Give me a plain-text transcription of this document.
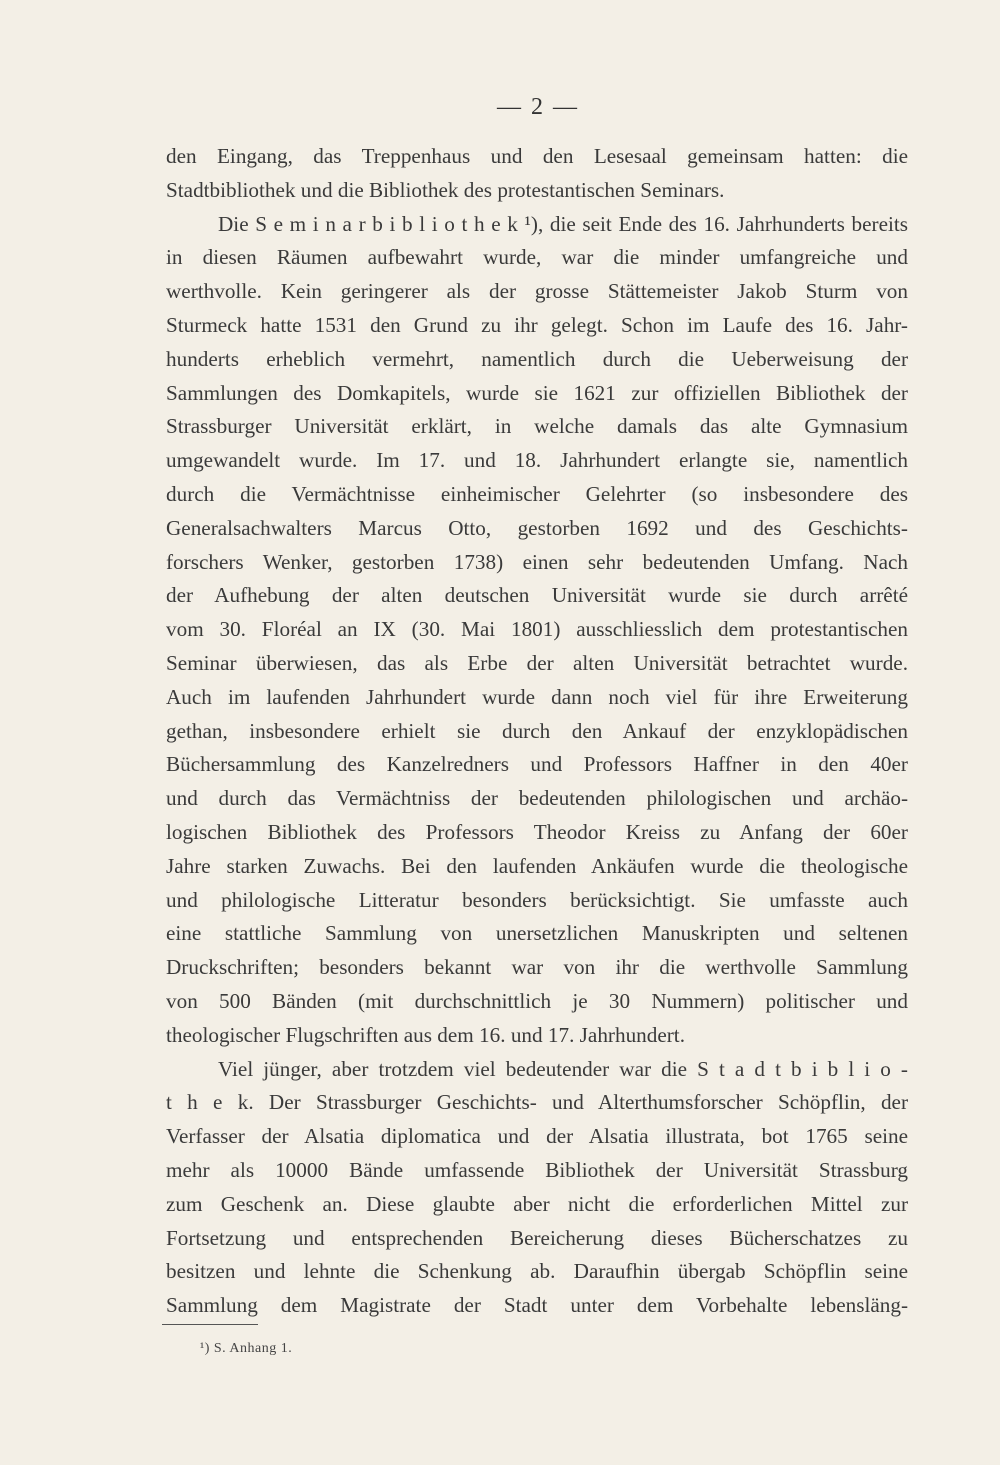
— 2 —
den Eingang, das Treppenhaus und den Lesesaal gemeinsam hatten: die
Stadtbibliothek und die Bibliothek des protestantischen Seminars.
Die S e m i n a r b i b l i o t h e k ¹), die seit Ende des 16. Jahrhunderts bereits
in diesen Räumen aufbewahrt wurde, war die minder umfangreiche und
werthvolle. Kein geringerer als der grosse Stättemeister Jakob Sturm von
Sturmeck hatte 1531 den Grund zu ihr gelegt. Schon im Laufe des 16. Jahr-
hunderts erheblich vermehrt, namentlich durch die Ueberweisung der
Sammlungen des Domkapitels, wurde sie 1621 zur offiziellen Bibliothek der
Strassburger Universität erklärt, in welche damals das alte Gymnasium
umgewandelt wurde. Im 17. und 18. Jahrhundert erlangte sie, namentlich
durch die Vermächtnisse einheimischer Gelehrter (so insbesondere des
Generalsachwalters Marcus Otto, gestorben 1692 und des Geschichts-
forschers Wenker, gestorben 1738) einen sehr bedeutenden Umfang. Nach
der Aufhebung der alten deutschen Universität wurde sie durch arrêté
vom 30. Floréal an IX (30. Mai 1801) ausschliesslich dem protestantischen
Seminar überwiesen, das als Erbe der alten Universität betrachtet wurde.
Auch im laufenden Jahrhundert wurde dann noch viel für ihre Erweiterung
gethan, insbesondere erhielt sie durch den Ankauf der enzyklopädischen
Büchersammlung des Kanzelredners und Professors Haffner in den 40er
und durch das Vermächtniss der bedeutenden philologischen und archäo-
logischen Bibliothek des Professors Theodor Kreiss zu Anfang der 60er
Jahre starken Zuwachs. Bei den laufenden Ankäufen wurde die theologische
und philologische Litteratur besonders berücksichtigt. Sie umfasste auch
eine stattliche Sammlung von unersetzlichen Manuskripten und seltenen
Druckschriften; besonders bekannt war von ihr die werthvolle Sammlung
von 500 Bänden (mit durchschnittlich je 30 Nummern) politischer und
theologischer Flugschriften aus dem 16. und 17. Jahrhundert.
Viel jünger, aber trotzdem viel bedeutender war die S t a d t b i b l i o -
t h e k. Der Strassburger Geschichts- und Alterthumsforscher Schöpflin, der
Verfasser der Alsatia diplomatica und der Alsatia illustrata, bot 1765 seine
mehr als 10000 Bände umfassende Bibliothek der Universität Strassburg
zum Geschenk an. Diese glaubte aber nicht die erforderlichen Mittel zur
Fortsetzung und entsprechenden Bereicherung dieses Bücherschatzes zu
besitzen und lehnte die Schenkung ab. Daraufhin übergab Schöpflin seine
Sammlung dem Magistrate der Stadt unter dem Vorbehalte lebensläng-
¹) S. Anhang 1.
